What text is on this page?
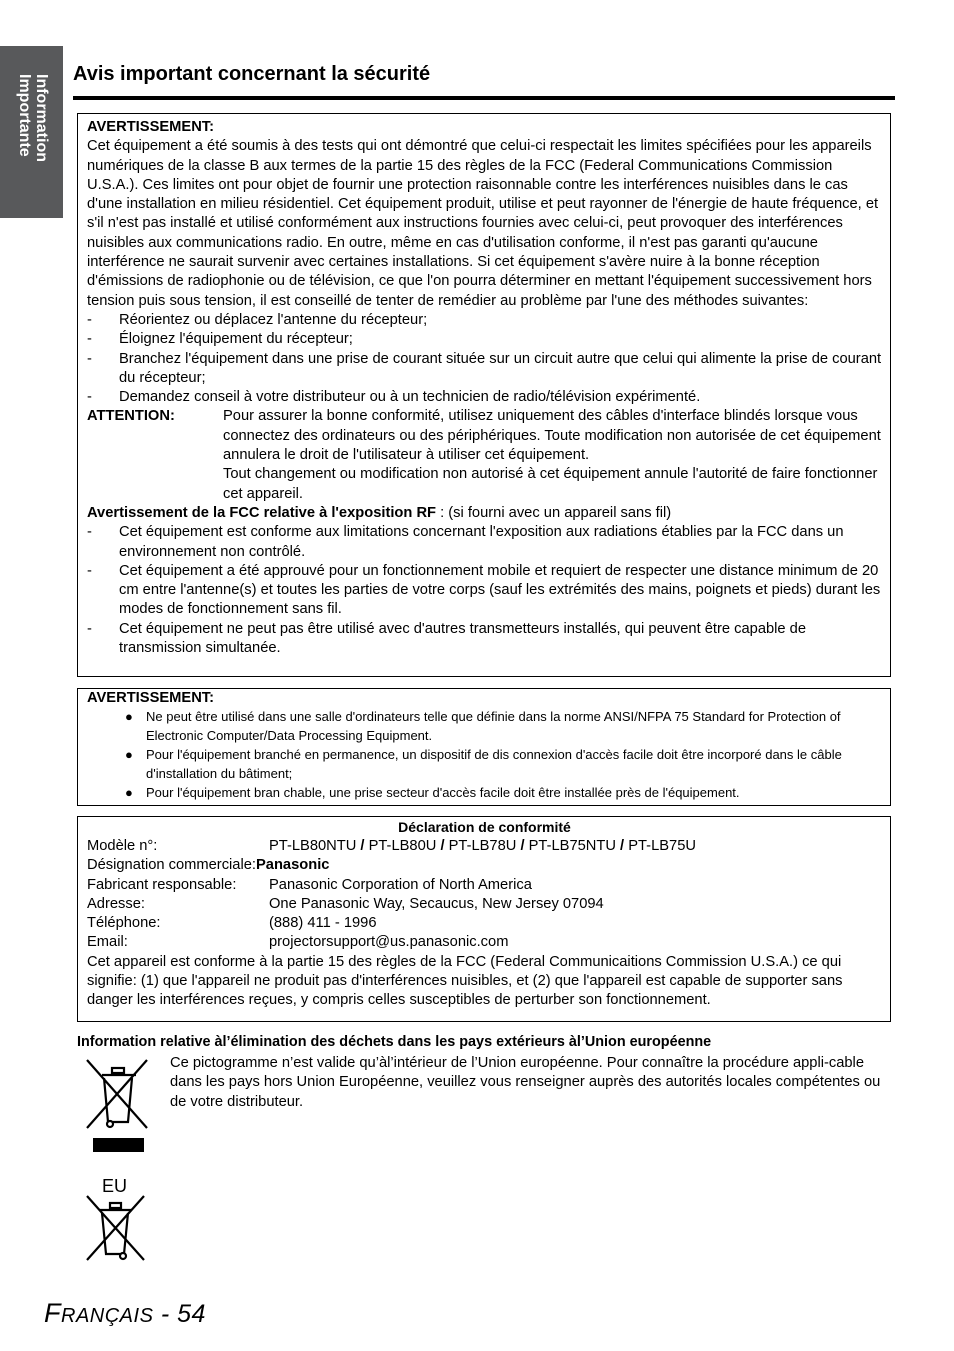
Information Importante	Avis important concernant la sécurité
AVERTISSEMENT:

Cet équipement a été soumis à des tests qui ont démontré que celui-ci respectait les limites spécifiées pour les appareils numériques de la classe B aux termes de la partie 15 des règles de la FCC (Federal Communications Commission U.S.A.). Ces limites ont pour objet de fournir une protection raisonnable contre les interférences nuisibles dans le cas d'une installation en milieu résidentiel. Cet équipement produit, utilise et peut rayonner de l'énergie de haute fréquence, et s'il n'est pas installé et utilisé conformément aux instructions fournies avec celui-ci, peut provoquer des interférences nuisibles aux communications radio. En outre, même en cas d'utilisation conforme, il n'est pas garanti qu'aucune interférence ne saurait survenir avec certaines installations. Si cet équipement s'avère nuire à la bonne réception d'émissions de radiophonie ou de télévision, ce que l'on pourra déterminer en mettant l'équipement successivement hors tension puis sous tension, il est conseillé de tenter de remédier au problème par l'une des méthodes suivantes:

-	Réorientez ou déplacez l'antenne du récepteur;
-	Éloignez l'équipement du récepteur;
-	Branchez l'équipement dans une prise de courant située sur un circuit autre que celui qui alimente la prise de courant du récepteur;
-	Demandez conseil à votre distributeur ou à un technicien de radio/télévision expérimenté.
ATTENTION:	Pour assurer la bonne conformité, utilisez uniquement des câbles d'interface blindés lorsque vous connectez des ordinateurs ou des périphériques. Toute modification non autorisée de cet équipement annulera le droit de l'utilisateur à utiliser cet équipement.
Tout changement ou modification non autorisé à cet équipement annule l'autorité de faire fonctionner cet appareil.
Avertissement de la FCC relative à l'exposition RF : (si fourni avec un appareil sans fil)
-	Cet équipement est conforme aux limitations concernant l'exposition aux radiations établies par la FCC dans un environnement non contrôlé.
-	Cet équipement a été approuvé pour un fonctionnement mobile et requiert de respecter une distance minimum de 20 cm entre l'antenne(s) et toutes les parties de votre corps (sauf les extrémités des mains, poignets et pieds) durant les modes de fonctionnement sans fil.
-	Cet équipement ne peut pas être utilisé avec d'autres transmetteurs installés, qui peuvent être capable de transmission simultanée.
AVERTISSEMENT:
●	Ne peut être utilisé dans une salle d'ordinateurs telle que définie dans la norme ANSI/NFPA 75 Standard for Protection of Electronic Computer/Data Processing Equipment.
●	Pour l'équipement branché en permanence, un dispositif de dis connexion d'accès facile doit être incorporé dans le câble d'installation du bâtiment;
●	Pour l'équipement bran chable, une prise secteur d'accès facile doit être installée près de l'équipement.
Déclaration de conformité
Modèle n°:	PT-LB80NTU / PT-LB80U / PT-LB78U / PT-LB75NTU / PT-LB75U
Désignation commerciale:Panasonic
Fabricant responsable:	Panasonic Corporation of North America
Adresse:	One Panasonic Way, Secaucus, New Jersey 07094
Téléphone:	(888) 411 - 1996
Email:	projectorsupport@us.panasonic.com

Cet appareil est conforme à la partie 15 des règles de la FCC (Federal Communicaitions Commission U.S.A.) ce qui signifie: (1) que l'appareil ne produit pas d'interférences nuisibles, et (2) que l'appareil est capable de supporter sans danger les interférences reçues, y compris celles susceptibles de perturber son fonctionnement.

Information relative àl’élimination des déchets dans les pays extérieurs àl’Union européenne

Ce pictogramme n’est valide qu’àl’intérieur de l’Union européenne. Pour connaître la procédure appli-cable dans les pays hors Union Européenne, veuillez vous renseigner auprès des autorités locales compétentes ou de votre distributeur.

EU

FRANÇAIS - 54
